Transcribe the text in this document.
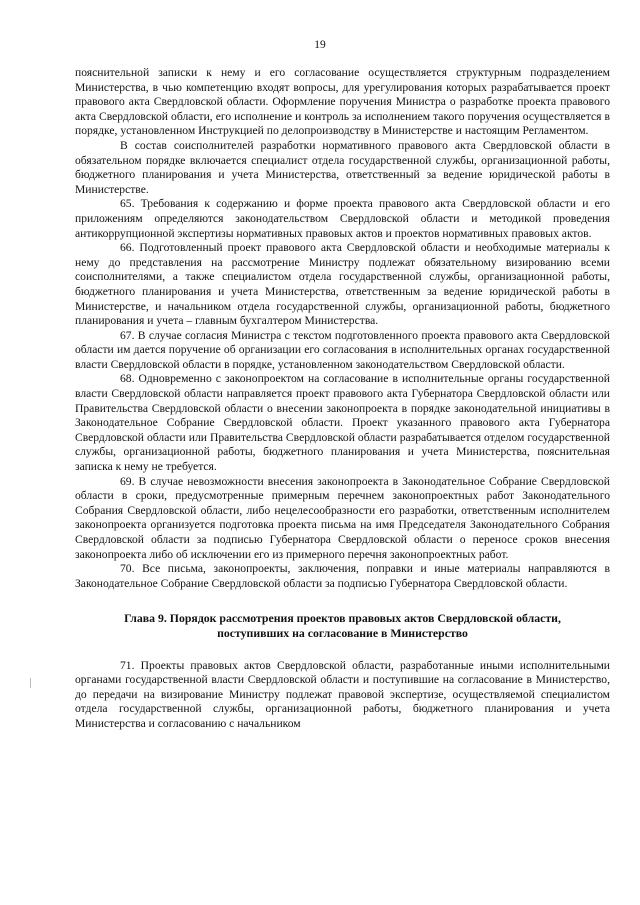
19

пояснительной записки к нему и его согласование осуществляется структурным подразделением Министерства, в чью компетенцию входят вопросы, для урегулирования которых разрабатывается проект правового акта Свердловской области. Оформление поручения Министра о разработке проекта правового акта Свердловской области, его исполнение и контроль за исполнением такого поручения осуществляется в порядке, установленном Инструкцией по делопроизводству в Министерстве и настоящим Регламентом.

В состав соисполнителей разработки нормативного правового акта Свердловской области в обязательном порядке включается специалист отдела государственной службы, организационной работы, бюджетного планирования и учета Министерства, ответственный за ведение юридической работы в Министерстве.

65. Требования к содержанию и форме проекта правового акта Свердловской области и его приложениям определяются законодательством Свердловской области и методикой проведения антикоррупционной экспертизы нормативных правовых актов и проектов нормативных правовых актов.

66. Подготовленный проект правового акта Свердловской области и необходимые материалы к нему до представления на рассмотрение Министру подлежат обязательному визированию всеми соисполнителями, а также специалистом отдела государственной службы, организационной работы, бюджетного планирования и учета Министерства, ответственным за ведение юридической работы в Министерстве, и начальником отдела государственной службы, организационной работы, бюджетного планирования и учета – главным бухгалтером Министерства.

67. В случае согласия Министра с текстом подготовленного проекта правового акта Свердловской области им дается поручение об организации его согласования в исполнительных органах государственной власти Свердловской области в порядке, установленном законодательством Свердловской области.

68. Одновременно с законопроектом на согласование в исполнительные органы государственной власти Свердловской области направляется проект правового акта Губернатора Свердловской области или Правительства Свердловской области о внесении законопроекта в порядке законодательной инициативы в Законодательное Собрание Свердловской области. Проект указанного правового акта Губернатора Свердловской области или Правительства Свердловской области разрабатывается отделом государственной службы, организационной работы, бюджетного планирования и учета Министерства, пояснительная записка к нему не требуется.

69. В случае невозможности внесения законопроекта в Законодательное Собрание Свердловской области в сроки, предусмотренные примерным перечнем законопроектных работ Законодательного Собрания Свердловской области, либо нецелесообразности его разработки, ответственным исполнителем законопроекта организуется подготовка проекта письма на имя Председателя Законодательного Собрания Свердловской области за подписью Губернатора Свердловской области о переносе сроков внесения законопроекта либо об исключении его из примерного перечня законопроектных работ.

70. Все письма, законопроекты, заключения, поправки и иные материалы направляются в Законодательное Собрание Свердловской области за подписью Губернатора Свердловской области.

Глава 9. Порядок рассмотрения проектов правовых актов Свердловской области,
поступивших на согласование в Министерство

71. Проекты правовых актов Свердловской области, разработанные иными исполнительными органами государственной власти Свердловской области и поступившие на согласование в Министерство, до передачи на визирование Министру подлежат правовой экспертизе, осуществляемой специалистом отдела государственной службы, организационной работы, бюджетного планирования и учета Министерства и согласованию с начальником
